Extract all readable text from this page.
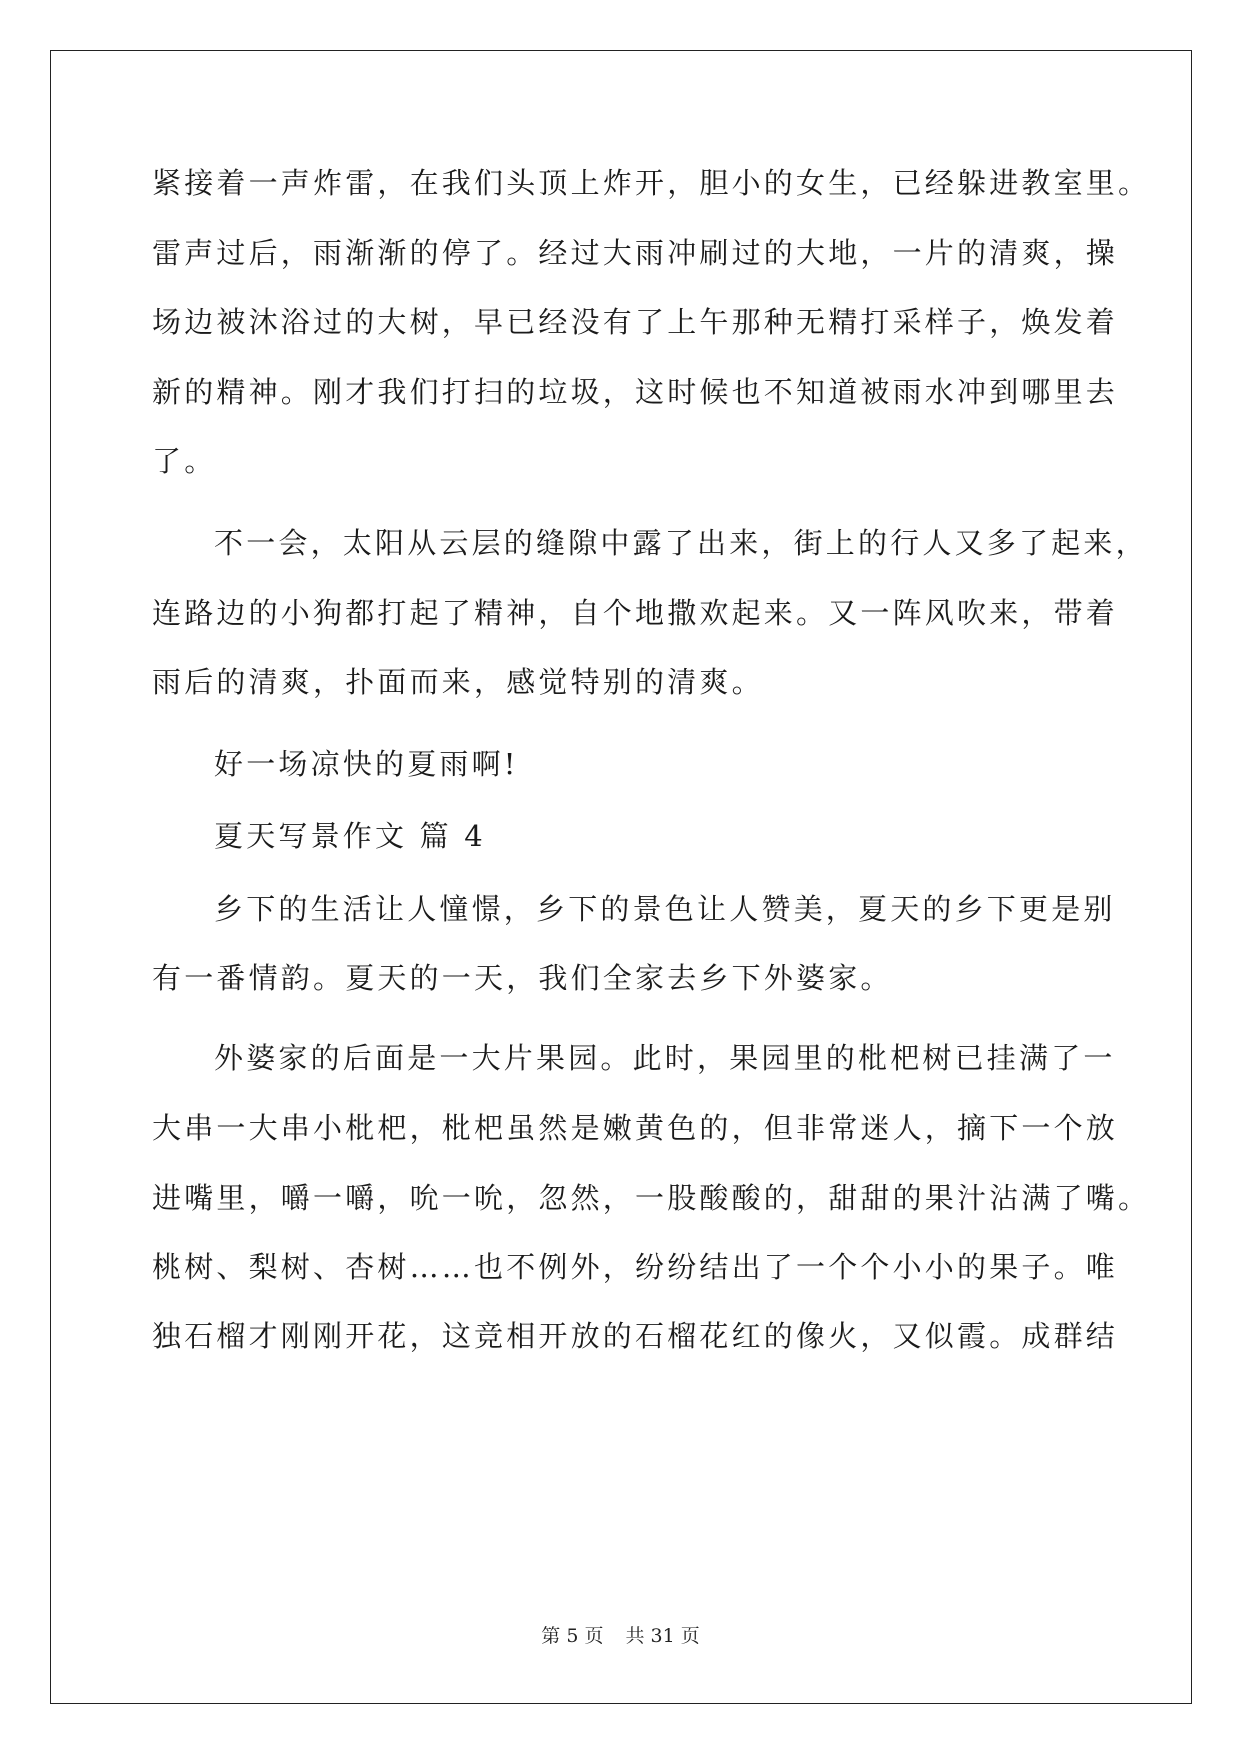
紧接着一声炸雷，在我们头顶上炸开，胆小的女生，已经躲进教室里。
雷声过后，雨渐渐的停了。经过大雨冲刷过的大地，一片的清爽，操
场边被沐浴过的大树，早已经没有了上午那种无精打采样子，焕发着
新的精神。刚才我们打扫的垃圾，这时候也不知道被雨水冲到哪里去
了。
不一会，太阳从云层的缝隙中露了出来，街上的行人又多了起来，
连路边的小狗都打起了精神，自个地撒欢起来。又一阵风吹来，带着
雨后的清爽，扑面而来，感觉特别的清爽。
好一场凉快的夏雨啊!
夏天写景作文 篇 4
乡下的生活让人憧憬，乡下的景色让人赞美，夏天的乡下更是别
有一番情韵。夏天的一天，我们全家去乡下外婆家。
外婆家的后面是一大片果园。此时，果园里的枇杷树已挂满了一
大串一大串小枇杷，枇杷虽然是嫩黄色的，但非常迷人，摘下一个放
进嘴里，嚼一嚼，吮一吮，忽然，一股酸酸的，甜甜的果汁沾满了嘴。
桃树、梨树、杏树……也不例外，纷纷结出了一个个小小的果子。唯
独石榴才刚刚开花，这竞相开放的石榴花红的像火，又似霞。成群结
第 5 页 共 31 页
